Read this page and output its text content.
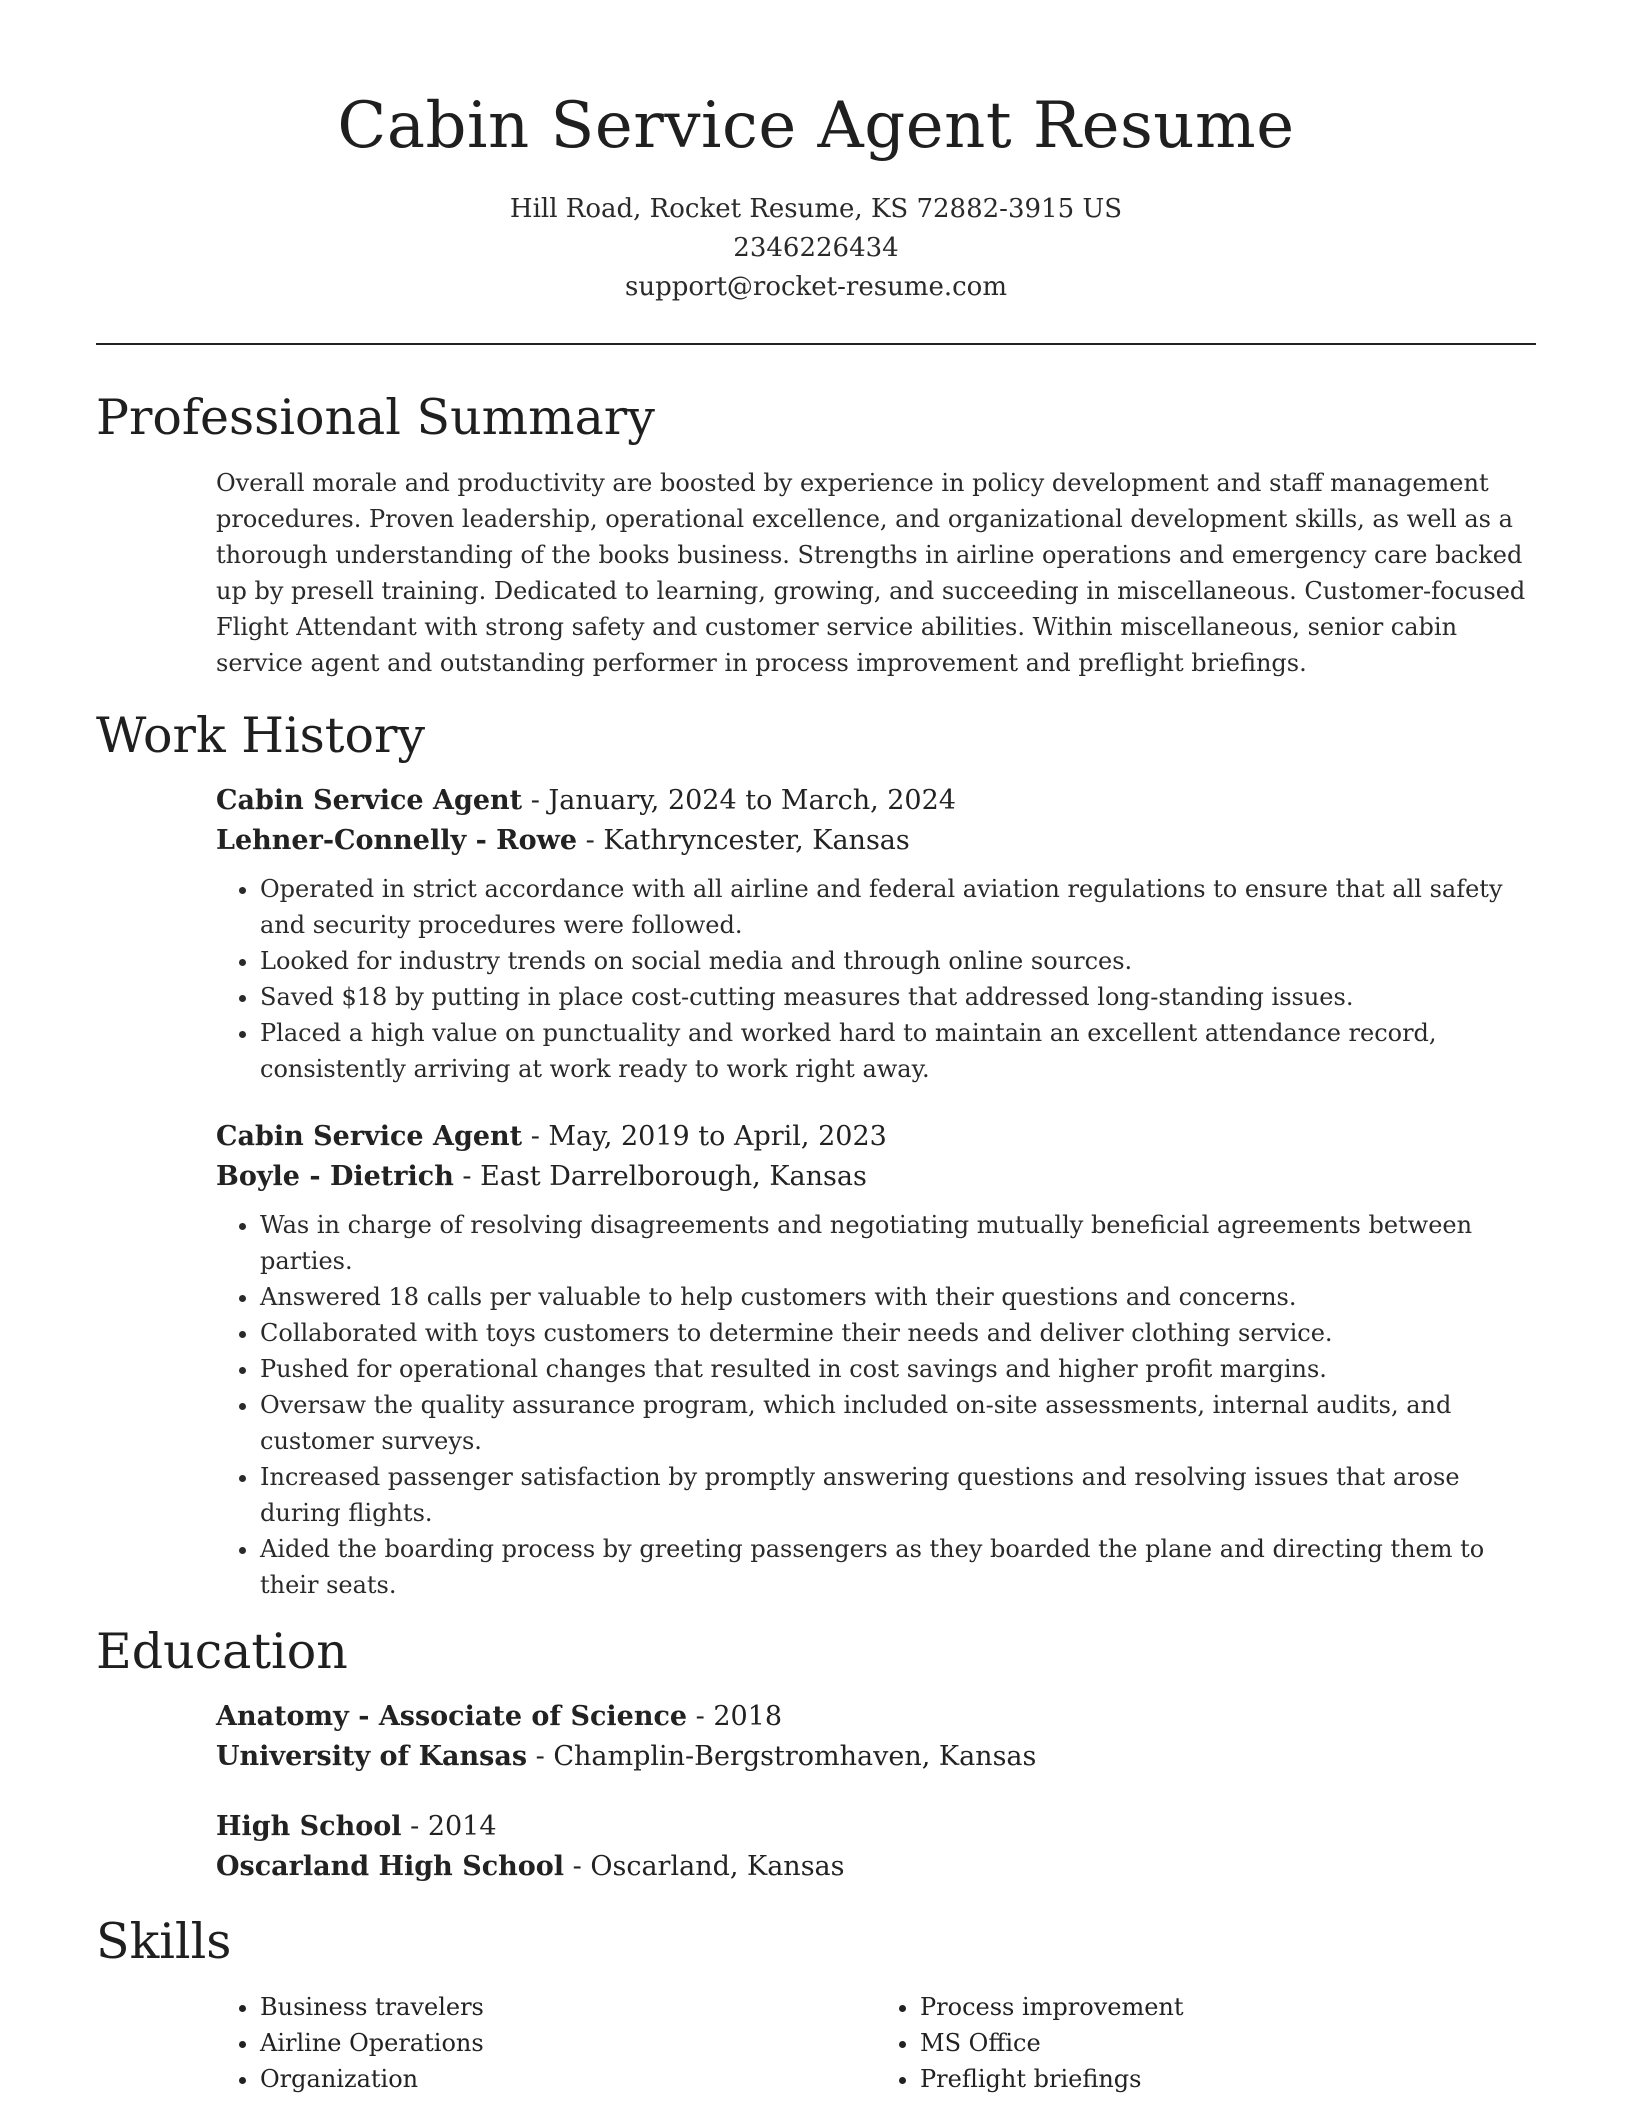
Cabin Service Agent Resume
Hill Road, Rocket Resume, KS 72882-3915 US
2346226434
support@rocket-resume.com
Professional Summary
Overall morale and productivity are boosted by experience in policy development and staff management procedures. Proven leadership, operational excellence, and organizational development skills, as well as a thorough understanding of the books business. Strengths in airline operations and emergency care backed up by presell training. Dedicated to learning, growing, and succeeding in miscellaneous. Customer-focused Flight Attendant with strong safety and customer service abilities. Within miscellaneous, senior cabin service agent and outstanding performer in process improvement and preflight briefings.
Work History
Cabin Service Agent - January, 2024 to March, 2024
Lehner-Connelly - Rowe - Kathryncester, Kansas
• Operated in strict accordance with all airline and federal aviation regulations to ensure that all safety and security procedures were followed.
• Looked for industry trends on social media and through online sources.
• Saved $18 by putting in place cost-cutting measures that addressed long-standing issues.
• Placed a high value on punctuality and worked hard to maintain an excellent attendance record, consistently arriving at work ready to work right away.
Cabin Service Agent - May, 2019 to April, 2023
Boyle - Dietrich - East Darrelborough, Kansas
• Was in charge of resolving disagreements and negotiating mutually beneficial agreements between parties.
• Answered 18 calls per valuable to help customers with their questions and concerns.
• Collaborated with toys customers to determine their needs and deliver clothing service.
• Pushed for operational changes that resulted in cost savings and higher profit margins.
• Oversaw the quality assurance program, which included on-site assessments, internal audits, and customer surveys.
• Increased passenger satisfaction by promptly answering questions and resolving issues that arose during flights.
• Aided the boarding process by greeting passengers as they boarded the plane and directing them to their seats.
Education
Anatomy - Associate of Science - 2018
University of Kansas - Champlin-Bergstromhaven, Kansas
High School - 2014
Oscarland High School - Oscarland, Kansas
Skills
• Business travelers
• Airline Operations
• Organization
• Process improvement
• MS Office
• Preflight briefings
